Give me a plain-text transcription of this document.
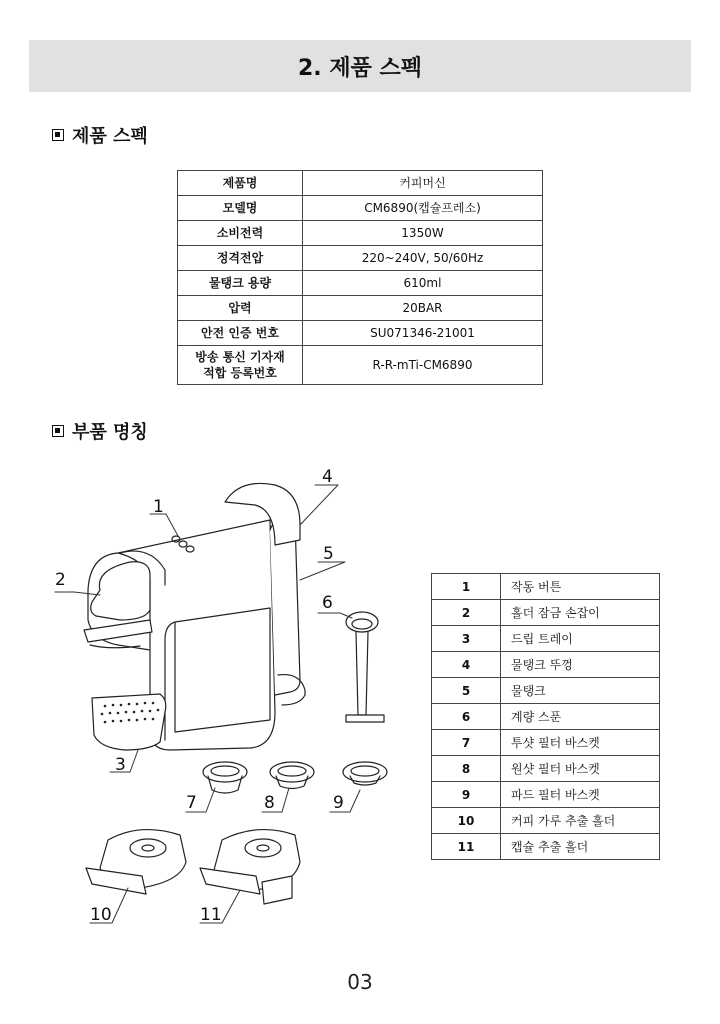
2. 제품 스펙
제품 스펙
제품명	커피머신
모델명	CM6890(캡슐프레소)
소비전력	1350W
정격전압	220~240V, 50/60Hz
물탱크 용량	610ml
압력	20BAR
안전 인증 번호	SU071346-21001

방송 통신 기자재
적합 등록번호	R-R-mTi-CM6890
부품 명칭
1
2
3
4
5
6
7	8	9
10	11
1	작동 버튼
2	홀더 잠금 손잡이
3	드립 트레이
4	물탱크 뚜껑
5	물탱크
6	계량 스푼
7	투샷 필터 바스켓
8	원샷 필터 바스켓
9	파드 필터 바스켓
10	커피 가루 추출 홀더
11	캡슐 추출 홀더
03
